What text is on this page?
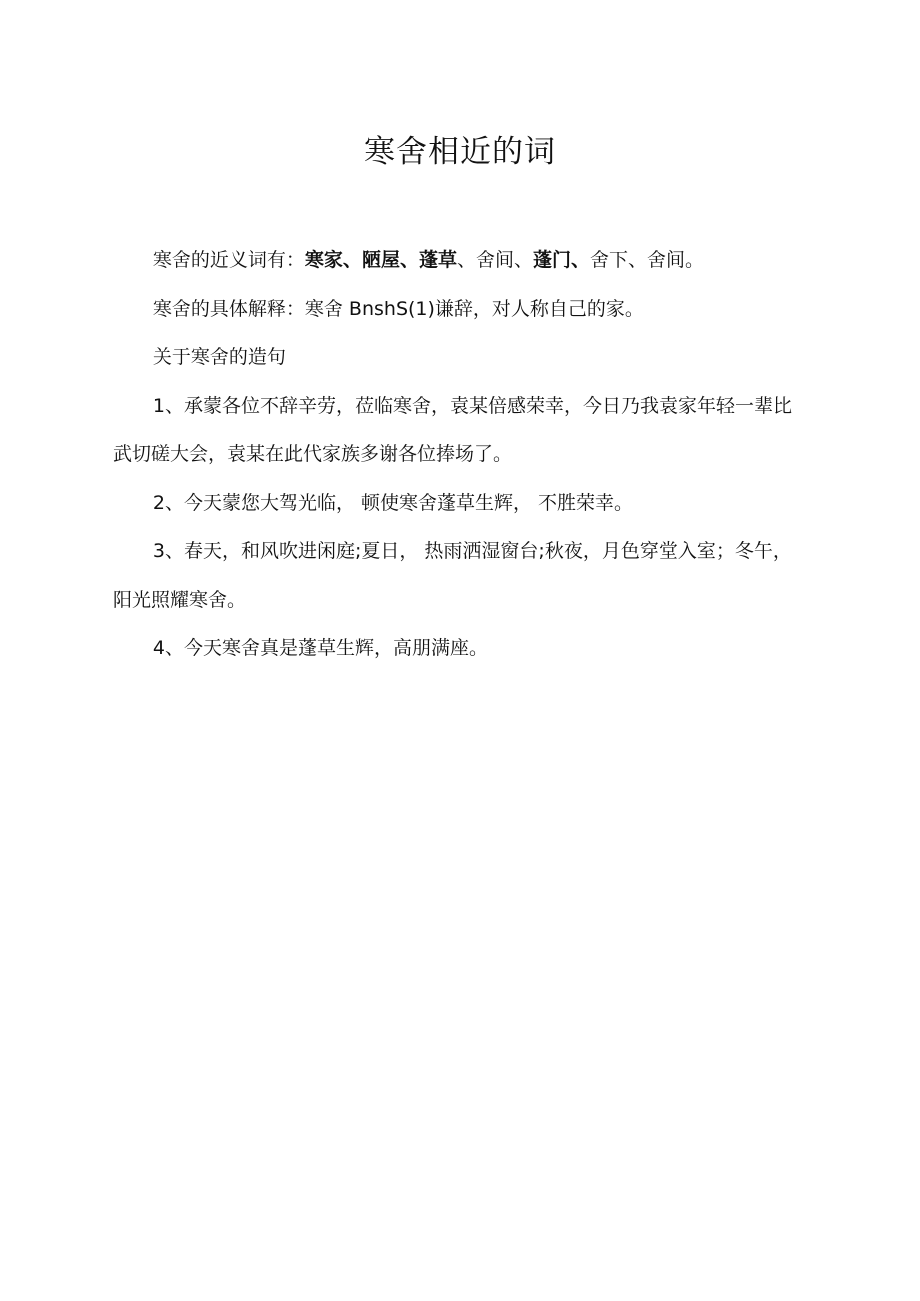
寒舍相近的词

寒舍的近义词有：寒家、陋屋、蓬草、舍间、蓬门、舍下、舍间。

寒舍的具体解释：寒舍 BnshS(1)谦辞，对人称自己的家。

关于寒舍的造句

1、承蒙各位不辞辛劳，莅临寒舍，袁某倍感荣幸，今日乃我袁家年轻一辈比武切磋大会，袁某在此代家族多谢各位捧场了。

2、今天蒙您大驾光临， 顿使寒舍蓬草生辉， 不胜荣幸。

3、春天，和风吹进闲庭;夏日， 热雨洒湿窗台;秋夜，月色穿堂入室；冬午，阳光照耀寒舍。

4、今天寒舍真是蓬草生辉，高朋满座。
